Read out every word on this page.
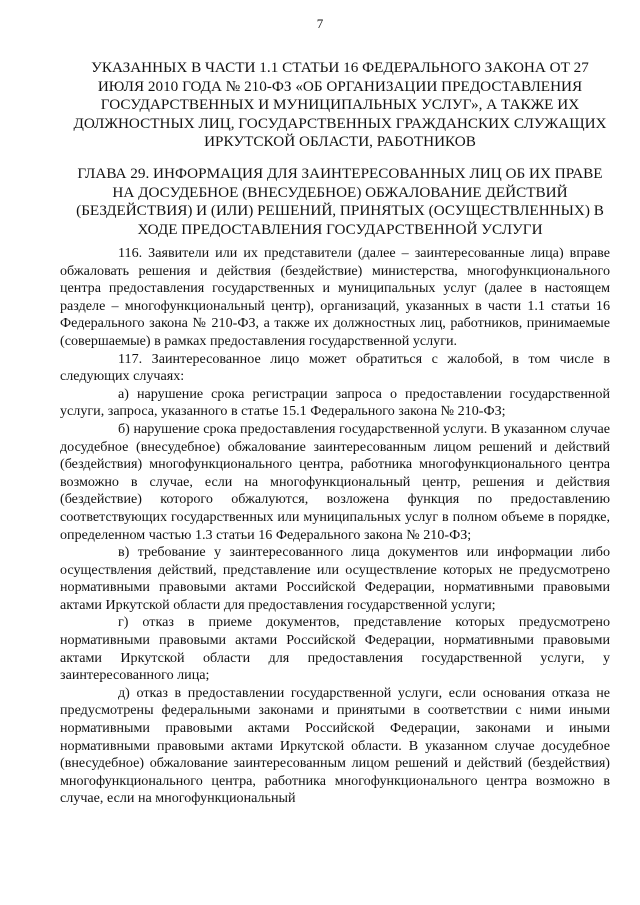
7
УКАЗАННЫХ В ЧАСТИ 1.1 СТАТЬИ 16 ФЕДЕРАЛЬНОГО ЗАКОНА ОТ 27 ИЮЛЯ 2010 ГОДА № 210-ФЗ «ОБ ОРГАНИЗАЦИИ ПРЕДОСТАВЛЕНИЯ ГОСУДАРСТВЕННЫХ И МУНИЦИПАЛЬНЫХ УСЛУГ», А ТАКЖЕ ИХ ДОЛЖНОСТНЫХ ЛИЦ, ГОСУДАРСТВЕННЫХ ГРАЖДАНСКИХ СЛУЖАЩИХ ИРКУТСКОЙ ОБЛАСТИ, РАБОТНИКОВ
ГЛАВА 29. ИНФОРМАЦИЯ ДЛЯ ЗАИНТЕРЕСОВАННЫХ ЛИЦ ОБ ИХ ПРАВЕ НА ДОСУДЕБНОЕ (ВНЕСУДЕБНОЕ) ОБЖАЛОВАНИЕ ДЕЙСТВИЙ (БЕЗДЕЙСТВИЯ) И (ИЛИ) РЕШЕНИЙ, ПРИНЯТЫХ (ОСУЩЕСТВЛЕННЫХ) В ХОДЕ ПРЕДОСТАВЛЕНИЯ ГОСУДАРСТВЕННОЙ УСЛУГИ

116. Заявители или их представители (далее – заинтересованные лица) вправе обжаловать решения и действия (бездействие) министерства, многофункционального центра предоставления государственных и муниципальных услуг (далее в настоящем разделе – многофункциональный центр), организаций, указанных в части 1.1 статьи 16 Федерального закона № 210-ФЗ, а также их должностных лиц, работников, принимаемые (совершаемые) в рамках предоставления государственной услуги.

117. Заинтересованное лицо может обратиться с жалобой, в том числе в следующих случаях:

а) нарушение срока регистрации запроса о предоставлении государственной услуги, запроса, указанного в статье 15.1 Федерального закона № 210-ФЗ;

б) нарушение срока предоставления государственной услуги. В указанном случае досудебное (внесудебное) обжалование заинтересованным лицом решений и действий (бездействия) многофункционального центра, работника многофункционального центра возможно в случае, если на многофункциональный центр, решения и действия (бездействие) которого обжалуются, возложена функция по предоставлению соответствующих государственных или муниципальных услуг в полном объеме в порядке, определенном частью 1.3 статьи 16 Федерального закона № 210-ФЗ;

в) требование у заинтересованного лица документов или информации либо осуществления действий, представление или осуществление которых не предусмотрено нормативными правовыми актами Российской Федерации, нормативными правовыми актами Иркутской области для предоставления государственной услуги;

г) отказ в приеме документов, представление которых предусмотрено нормативными правовыми актами Российской Федерации, нормативными правовыми актами Иркутской области для предоставления государственной услуги, у заинтересованного лица;

д) отказ в предоставлении государственной услуги, если основания отказа не предусмотрены федеральными законами и принятыми в соответствии с ними иными нормативными правовыми актами Российской Федерации, законами и иными нормативными правовыми актами Иркутской области. В указанном случае досудебное (внесудебное) обжалование заинтересованным лицом решений и действий (бездействия) многофункционального центра, работника многофункционального центра возможно в случае, если на многофункциональный
